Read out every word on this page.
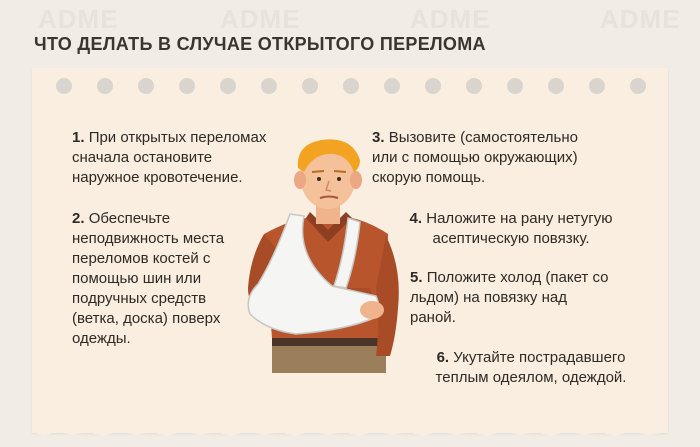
ADME	ADME	ADME	ADME
ЧТО ДЕЛАТЬ В СЛУЧАЕ ОТКРЫТОГО ПЕРЕЛОМА
1. При открытых переломах
сначала остановите
наружное кровотечение.
2. Обеспечьте
неподвижность места
переломов костей с
помощью шин или
подручных средств
(ветка, доска) поверх
одежды.
3. Вызовите (самостоятельно
или с помощью окружающих)
скорую помощь.
4. Наложите на рану нетугую
асептическую повязку.
5. Положите холод (пакет со
льдом) на повязку над
раной.
6. Укутайте пострадавшего
теплым одеялом, одеждой.
